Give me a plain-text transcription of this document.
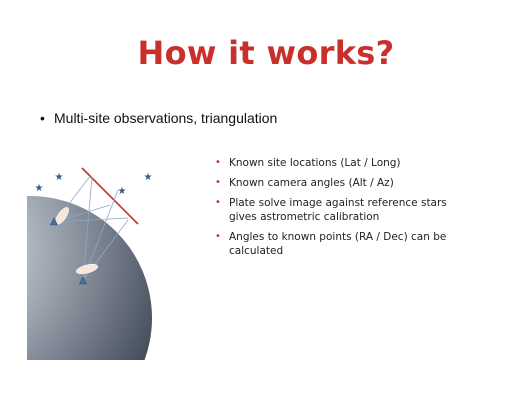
How it works?
• Multi-site observations, triangulation
★
★
★
★
• Known site locations (Lat / Long)
• Known camera angles (Alt / Az)
• Plate solve image against reference stars gives astrometric calibration
• Angles to known points (RA / Dec) can be calculated
